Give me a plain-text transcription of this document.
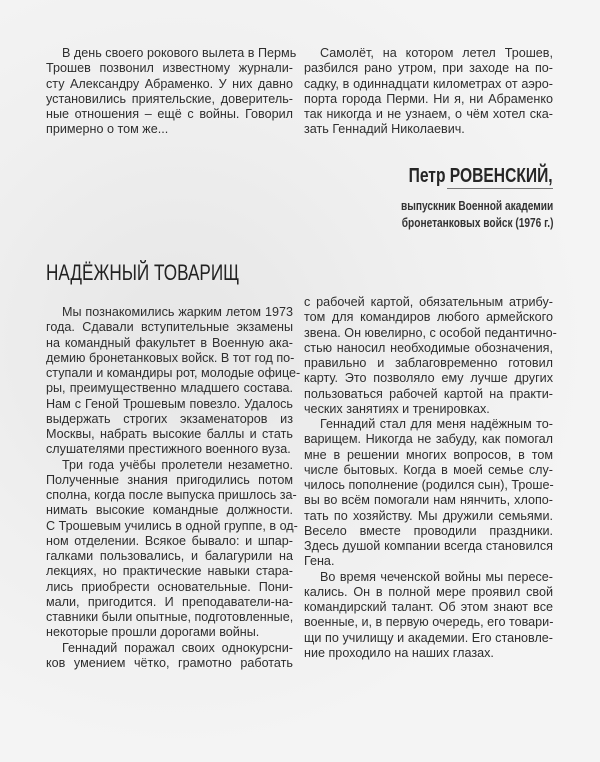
В день своего рокового вылета в Пермь
Трошев позвонил известному журнали-
сту Александру Абраменко. У них давно
установились приятельские, доверитель-
ные отношения – ещё с войны. Говорил
примерно о том же...
Самолёт, на котором летел Трошев,
разбился рано утром, при заходе на по-
садку, в одиннадцати километрах от аэро-
порта города Перми. Ни я, ни Абраменко
так никогда и не узнаем, о чём хотел ска-
зать Геннадий Николаевич.
Петр РОВЕНСКИЙ,
выпускник Военной академии
бронетанковых войск (1976 г.)
НАДЁЖНЫЙ ТОВАРИЩ
Мы познакомились жарким летом 1973
года. Сдавали вступительные экзамены
на командный факультет в Военную ака-
демию бронетанковых войск. В тот год по-
ступали и командиры рот, молодые офице-
ры, преимущественно младшего состава.
Нам с Геной Трошевым повезло. Удалось
выдержать строгих экзаменаторов из
Москвы, набрать высокие баллы и стать
слушателями престижного военного вуза.
Три года учёбы пролетели незаметно.
Полученные знания пригодились потом
сполна, когда после выпуска пришлось за-
нимать высокие командные должности.
С Трошевым учились в одной группе, в од-
ном отделении. Всякое бывало: и шпар-
галками пользовались, и балагурили на
лекциях, но практические навыки стара-
лись приобрести основательные. Пони-
мали, пригодится. И преподаватели-на-
ставники были опытные, подготовленные,
некоторые прошли дорогами войны.
Геннадий поражал своих однокурсни-
ков умением чётко, грамотно работать
с рабочей картой, обязательным атрибу-
том для командиров любого армейского
звена. Он ювелирно, с особой педантично-
стью наносил необходимые обозначения,
правильно и заблаговременно готовил
карту. Это позволяло ему лучше других
пользоваться рабочей картой на практи-
ческих занятиях и тренировках.
Геннадий стал для меня надёжным то-
варищем. Никогда не забуду, как помогал
мне в решении многих вопросов, в том
числе бытовых. Когда в моей семье слу-
чилось пополнение (родился сын), Троше-
вы во всём помогали нам нянчить, хлопо-
тать по хозяйству. Мы дружили семьями.
Весело вместе проводили праздники.
Здесь душой компании всегда становился
Гена.
Во время чеченской войны мы пересе-
кались. Он в полной мере проявил свой
командирский талант. Об этом знают все
военные, и, в первую очередь, его товари-
щи по училищу и академии. Его становле-
ние проходило на наших глазах.
